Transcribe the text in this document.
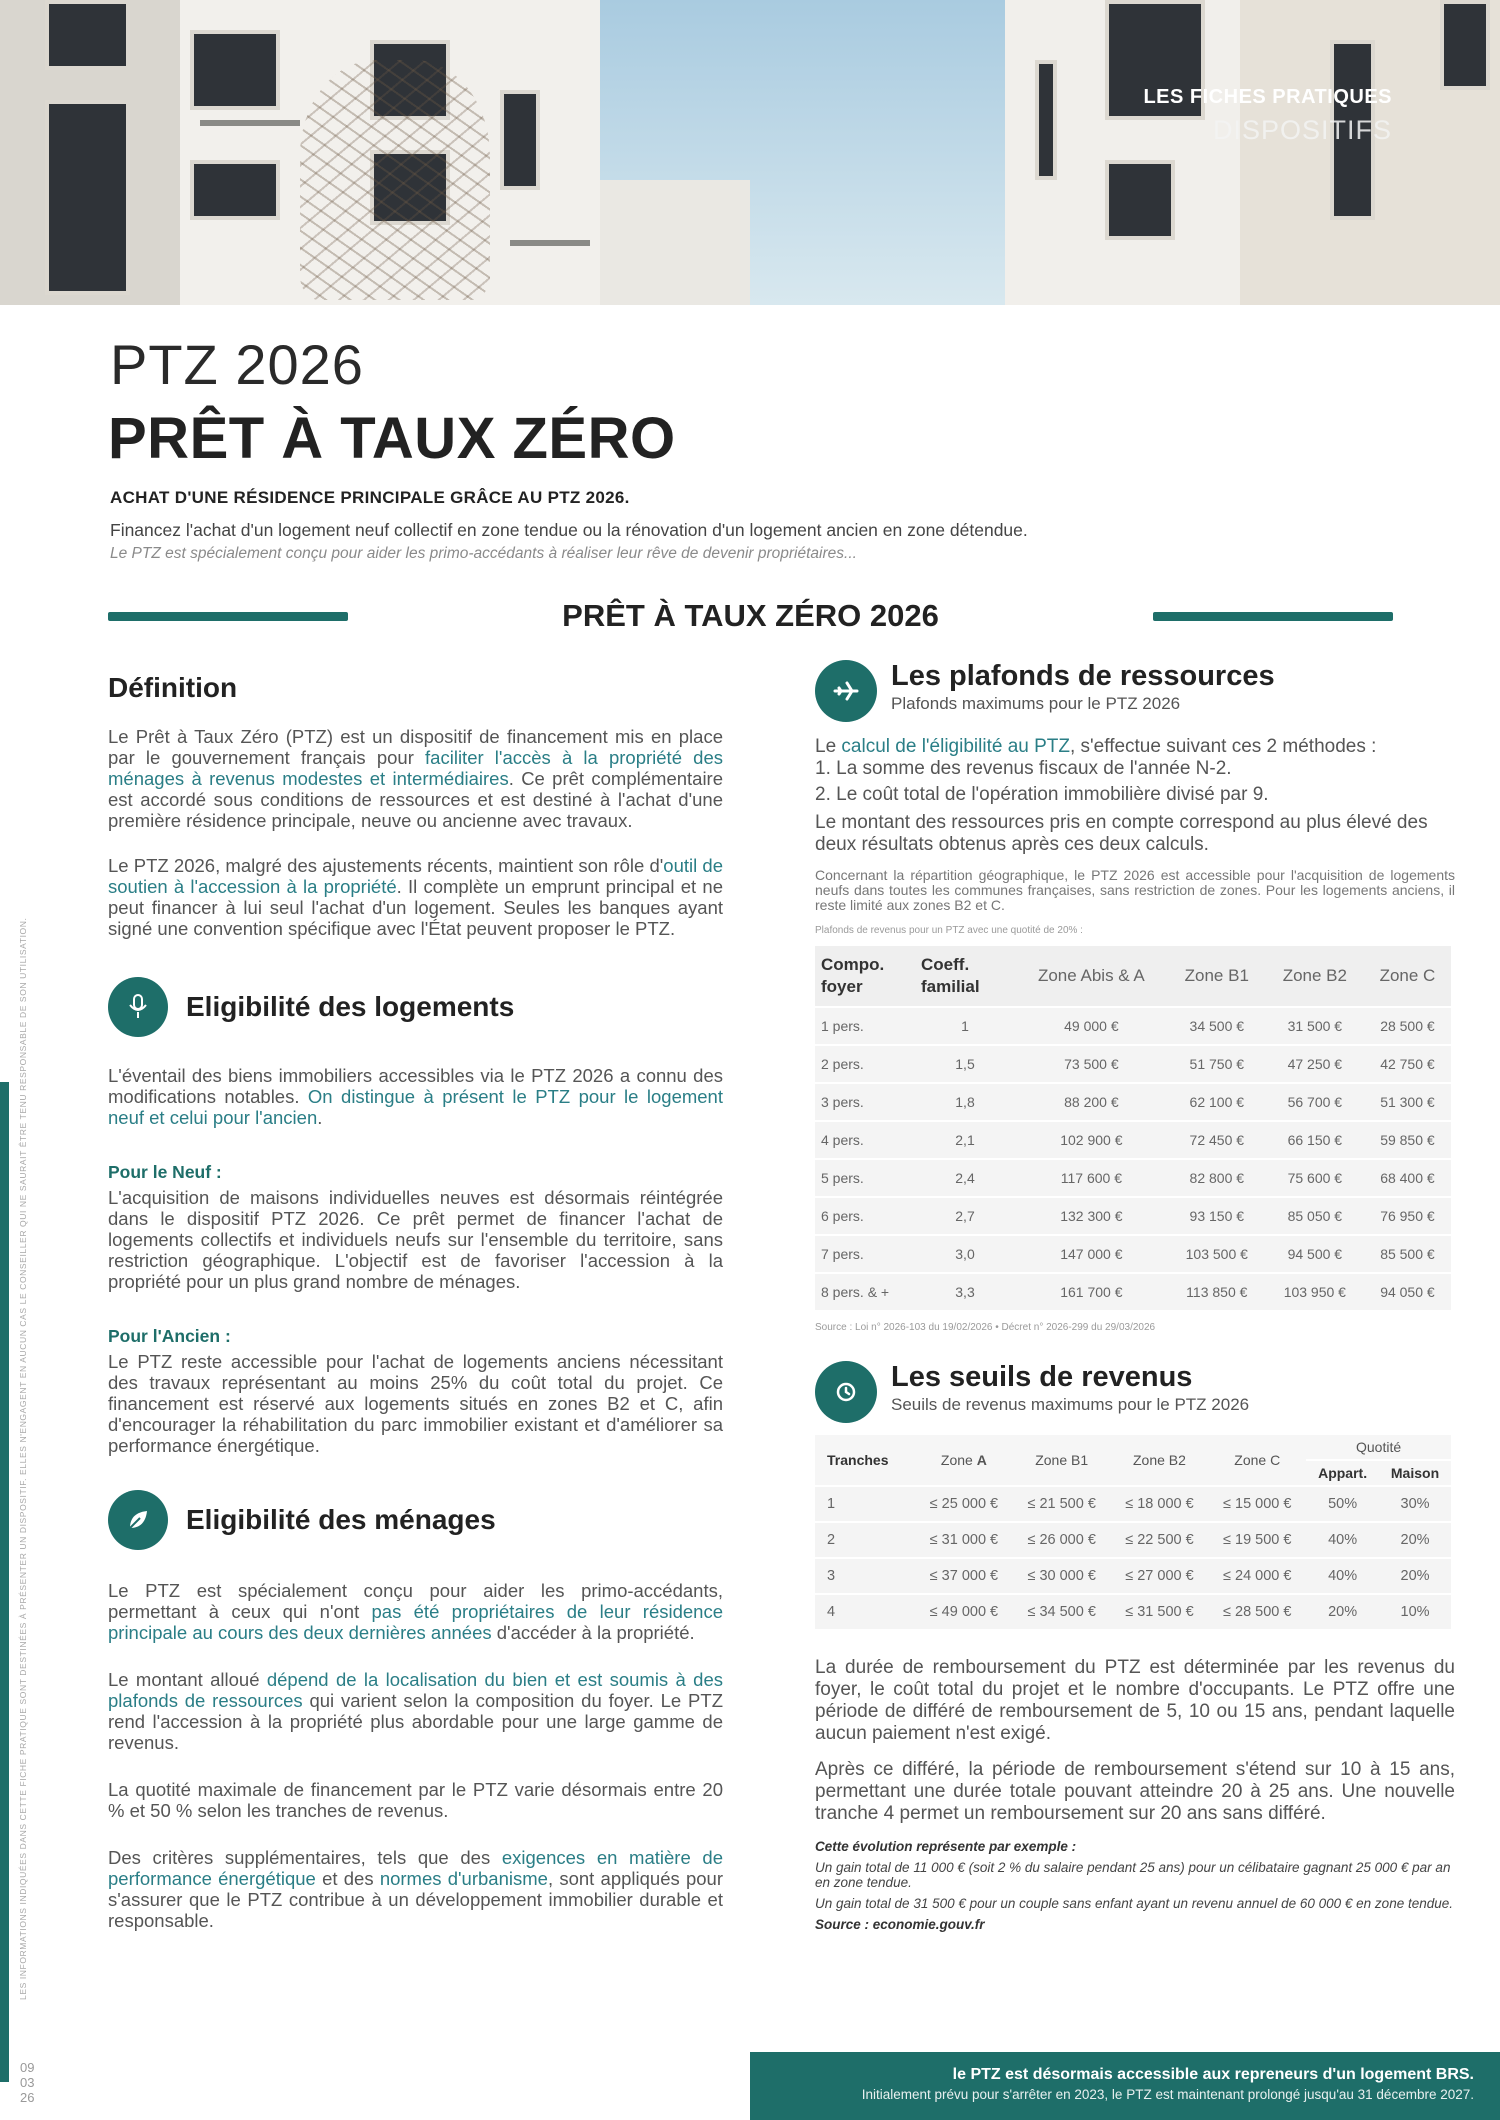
LES FICHES PRATIQUES
DISPOSITIFS
PTZ 2026
PRÊT À TAUX ZÉRO
ACHAT D'UNE RÉSIDENCE PRINCIPALE GRÂCE AU PTZ 2026.
Financez l'achat d'un logement neuf collectif en zone tendue ou la rénovation d'un logement ancien en zone détendue.
Le PTZ est spécialement conçu pour aider les primo-accédants à réaliser leur rêve de devenir propriétaires...
PRÊT À TAUX ZÉRO 2026
Définition

Le Prêt à Taux Zéro (PTZ) est un dispositif de financement mis en place par le gouvernement français pour faciliter l'accès à la propriété des ménages à revenus modestes et intermédiaires. Ce prêt complémentaire est accordé sous conditions de ressources et est destiné à l'achat d'une première résidence principale, neuve ou ancienne avec travaux.

Le PTZ 2026, malgré des ajustements récents, maintient son rôle d'outil de soutien à l'accession à la propriété. Il complète un emprunt principal et ne peut financer à lui seul l'achat d'un logement. Seules les banques ayant signé une convention spécifique avec l'État peuvent proposer le PTZ.

Eligibilité des logements

L'éventail des biens immobiliers accessibles via le PTZ 2026 a connu des modifications notables. On distingue à présent le PTZ pour le logement neuf et celui pour l'ancien.

Pour le Neuf :

L'acquisition de maisons individuelles neuves est désormais réintégrée dans le dispositif PTZ 2026. Ce prêt permet de financer l'achat de logements collectifs et individuels neufs sur l'ensemble du territoire, sans restriction géographique. L'objectif est de favoriser l'accession à la propriété pour un plus grand nombre de ménages.

Pour l'Ancien :

Le PTZ reste accessible pour l'achat de logements anciens nécessitant des travaux représentant au moins 25% du coût total du projet. Ce financement est réservé aux logements situés en zones B2 et C, afin d'encourager la réhabilitation du parc immobilier existant et d'améliorer sa performance énergétique.

Eligibilité des ménages

Le PTZ est spécialement conçu pour aider les primo-accédants, permettant à ceux qui n'ont pas été propriétaires de leur résidence principale au cours des deux dernières années d'accéder à la propriété.

Le montant alloué dépend de la localisation du bien et est soumis à des plafonds de ressources qui varient selon la composition du foyer. Le PTZ rend l'accession à la propriété plus abordable pour une large gamme de revenus.

La quotité maximale de financement par le PTZ varie désormais entre 20 % et 50 % selon les tranches de revenus.

Des critères supplémentaires, tels que des exigences en matière de performance énergétique et des normes d'urbanisme, sont appliqués pour s'assurer que le PTZ contribue à un développement immobilier durable et responsable.

Les plafonds de ressources
Plafonds maximums pour le PTZ 2026

Le calcul de l'éligibilité au PTZ, s'effectue suivant ces 2 méthodes :

1. La somme des revenus fiscaux de l'année N-2.

2. Le coût total de l'opération immobilière divisé par 9.

Le montant des ressources pris en compte correspond au plus élevé des deux résultats obtenus après ces deux calculs.

Concernant la répartition géographique, le PTZ 2026 est accessible pour l'acquisition de logements neufs dans toutes les communes françaises, sans restriction de zones. Pour les logements anciens, il reste limité aux zones B2 et C.

Plafonds de revenus pour un PTZ avec une quotité de 20% :
Compo. foyer	Coeff. familial	Zone Abis & A	Zone B1	Zone B2	Zone C
1 pers.	1	49 000 €	34 500 €	31 500 €	28 500 €
2 pers.	1,5	73 500 €	51 750 €	47 250 €	42 750 €
3 pers.	1,8	88 200 €	62 100 €	56 700 €	51 300 €
4 pers.	2,1	102 900 €	72 450 €	66 150 €	59 850 €
5 pers.	2,4	117 600 €	82 800 €	75 600 €	68 400 €
6 pers.	2,7	132 300 €	93 150 €	85 050 €	76 950 €
7 pers.	3,0	147 000 €	103 500 €	94 500 €	85 500 €
8 pers. & +	3,3	161 700 €	113 850 €	103 950 €	94 050 €
Source : Loi n° 2026-103 du 19/02/2026 • Décret n° 2026-299 du 29/03/2026
Les seuils de revenus
Seuils de revenus maximums pour le PTZ 2026
Tranches	Zone A	Zone B1	Zone B2	Zone C	Quotité	
					Appart.	Maison
1	≤ 25 000 €	≤ 21 500 €	≤ 18 000 €	≤ 15 000 €	50%	30%
2	≤ 31 000 €	≤ 26 000 €	≤ 22 500 €	≤ 19 500 €	40%	20%
3	≤ 37 000 €	≤ 30 000 €	≤ 27 000 €	≤ 24 000 €	40%	20%
4	≤ 49 000 €	≤ 34 500 €	≤ 31 500 €	≤ 28 500 €	20%	10%

La durée de remboursement du PTZ est déterminée par les revenus du foyer, le coût total du projet et le nombre d'occupants. Le PTZ offre une période de différé de remboursement de 5, 10 ou 15 ans, pendant laquelle aucun paiement n'est exigé.

Après ce différé, la période de remboursement s'étend sur 10 à 15 ans, permettant une durée totale pouvant atteindre 20 à 25 ans. Une nouvelle tranche 4 permet un remboursement sur 20 ans sans différé.

Cette évolution représente par exemple :

Un gain total de 11 000 € (soit 2 % du salaire pendant 25 ans) pour un célibataire gagnant 25 000 € par an en zone tendue.

Un gain total de 31 500 € pour un couple sans enfant ayant un revenu annuel de 60 000 € en zone tendue.

Source : economie.gouv.fr
LES INFORMATIONS INDIQUÉES DANS CETTE FICHE PRATIQUE SONT DESTINÉES À PRÉSENTER UN DISPOSITIF. ELLES N'ENGAGENT EN AUCUN CAS LE CONSEILLER QUI NE SAURAIT ÊTRE TENU RESPONSABLE DE SON UTILISATION.
09
03
26
le PTZ est désormais accessible aux repreneurs d'un logement BRS.
Initialement prévu pour s'arrêter en 2023, le PTZ est maintenant prolongé jusqu'au 31 décembre 2027.
